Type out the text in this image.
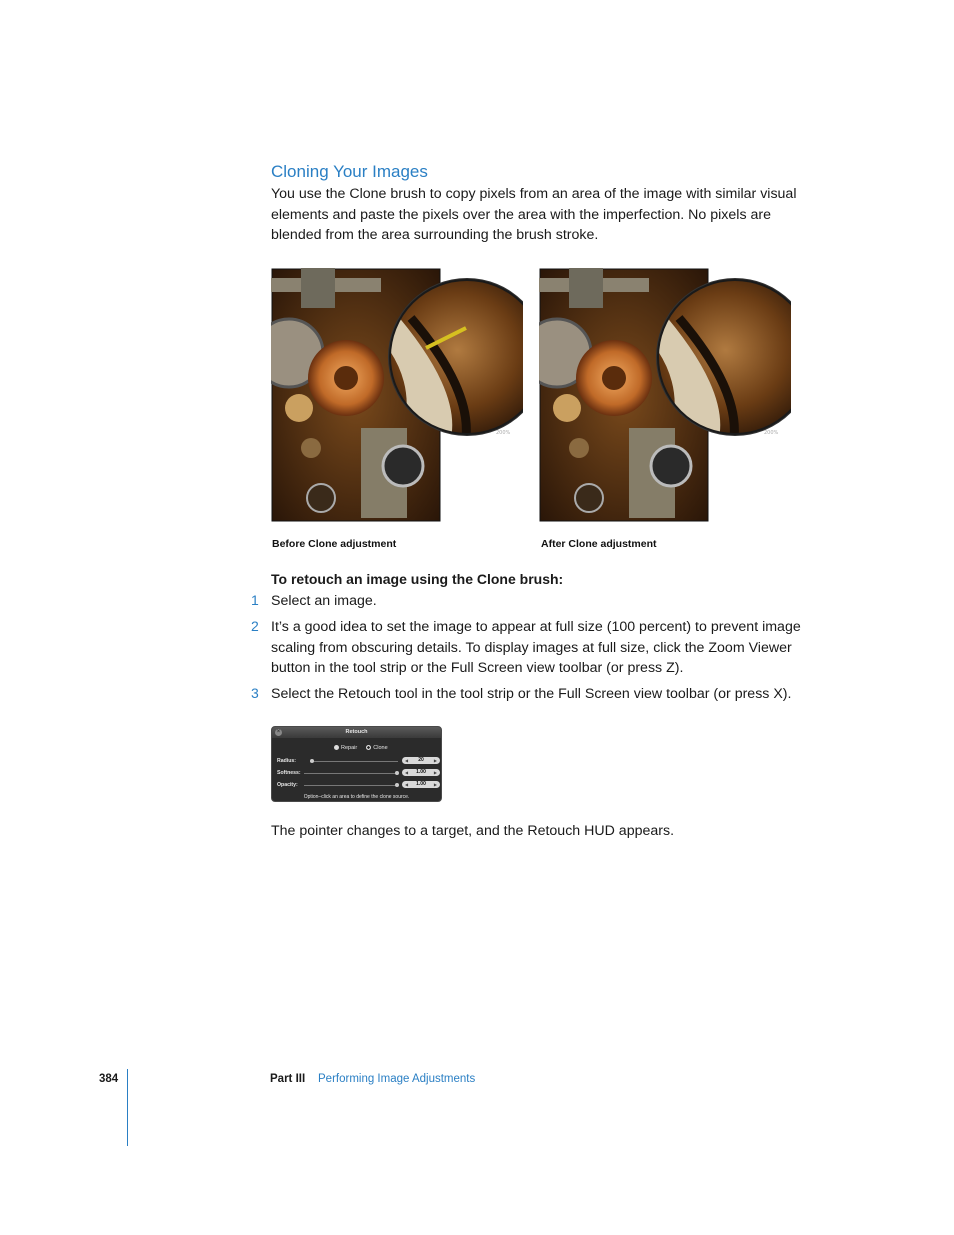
Cloning Your Images
You use the Clone brush to copy pixels from an area of the image with similar visual elements and paste the pixels over the area with the imperfection. No pixels are blended from the area surrounding the brush stroke.
200%
Before Clone adjustment
200%
After Clone adjustment
To retouch an image using the Clone brush:
1 Select an image.
2 It’s a good idea to set the image to appear at full size (100 percent) to prevent image scaling from obscuring details. To display images at full size, click the Zoom Viewer button in the tool strip or the Full Screen view toolbar (or press Z).
3 Select the Retouch tool in the tool strip or the Full Screen view toolbar (or press X).
Retouch
×
Repair	Clone
Radius:	◀ 20	▶
Softness:	◀ 1.00 ▶
Opacity:	◀ 1.00 ▶
Option–click an area to define the clone source.
The pointer changes to a target, and the Retouch HUD appears.
384	Part III Performing Image Adjustments
